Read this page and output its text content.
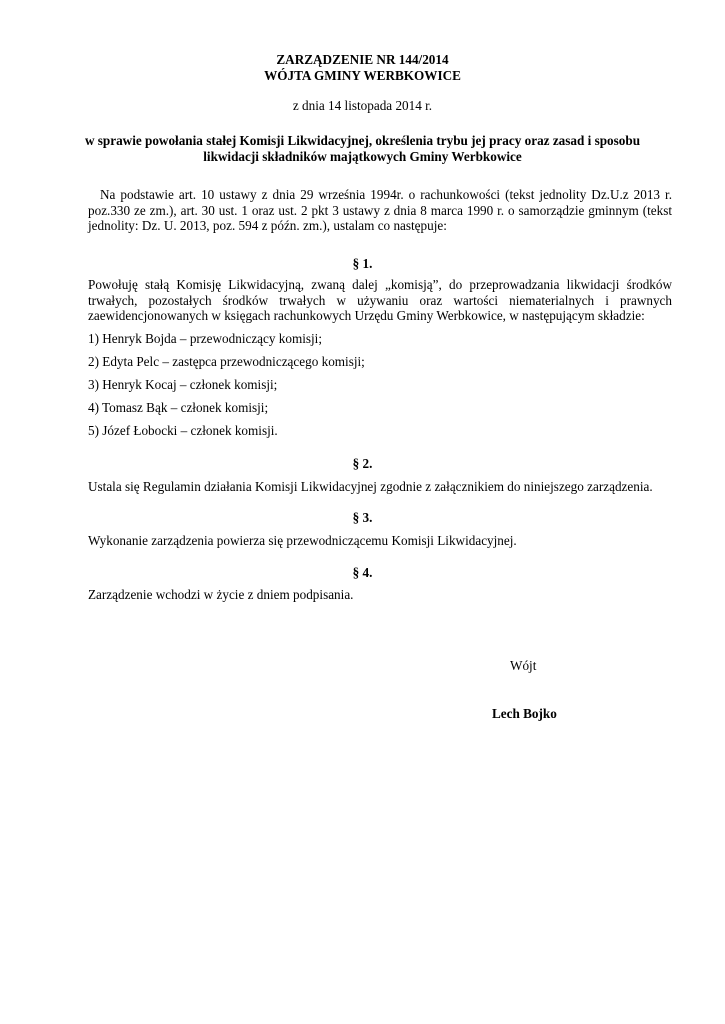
ZARZĄDZENIE NR 144/2014

WÓJTA GMINY WERBKOWICE

z dnia 14 listopada 2014 r.

w sprawie powołania stałej Komisji Likwidacyjnej, określenia trybu jej pracy oraz zasad i sposobu

likwidacji składników majątkowych Gminy Werbkowice

Na podstawie art. 10 ustawy z dnia 29 września 1994r. o rachunkowości (tekst jednolity Dz.U.z 2013 r.
poz.330 ze zm.), art. 30 ust. 1 oraz ust. 2 pkt 3 ustawy z dnia 8 marca 1990 r. o samorządzie gminnym (tekst
jednolity: Dz. U. 2013, poz. 594 z późn. zm.), ustalam co następuje:

§ 1.

Powołuję stałą Komisję Likwidacyjną, zwaną dalej „komisją”, do przeprowadzania likwidacji środków
trwałych, pozostałych środków trwałych w używaniu oraz wartości niematerialnych i prawnych
zaewidencjonowanych w księgach rachunkowych Urzędu Gminy Werbkowice, w następującym składzie:

1) Henryk Bojda – przewodniczący komisji;

2) Edyta Pelc – zastępca przewodniczącego komisji;

3) Henryk Kocaj – członek komisji;

4) Tomasz Bąk – członek komisji;

5) Józef Łobocki – członek komisji.

§ 2.

Ustala się Regulamin działania Komisji Likwidacyjnej zgodnie z załącznikiem do niniejszego zarządzenia.

§ 3.

Wykonanie zarządzenia powierza się przewodniczącemu Komisji Likwidacyjnej.

§ 4.

Zarządzenie wchodzi w życie z dniem podpisania.

Wójt

Lech Bojko
